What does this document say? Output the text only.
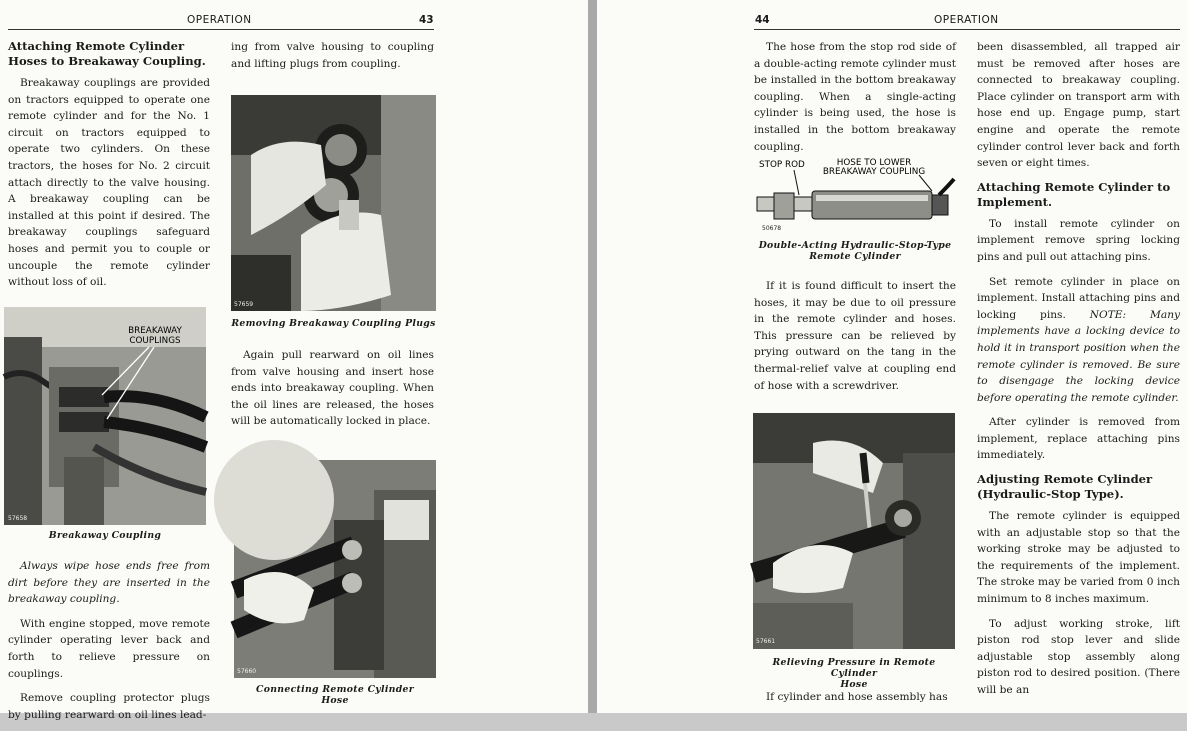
OPERATION	43
Attaching Remote Cylinder Hoses to Breakaway Coupling.

Breakaway couplings are provided on tractors equipped to operate one remote cylinder and for the No. 1 circuit on tractors equipped to operate two cylinders. On these tractors, the hoses for No. 2 circuit attach directly to the valve housing. A breakaway coupling can be installed at this point if desired. The breakaway couplings safeguard hoses and permit you to couple or uncouple the remote cylinder without loss of oil.

BREAKAWAY
COUPLINGS
57658
Breakaway Coupling

Always wipe hose ends free from dirt before they are inserted in the breakaway coupling.

With engine stopped, move remote cylinder operating lever back and forth to relieve pressure on couplings.

Remove coupling protector plugs by pulling rearward on oil lines lead-

ing from valve housing to coupling and lifting plugs from coupling.

57659
Removing Breakaway Coupling Plugs

Again pull rearward on oil lines from valve housing and insert hose ends into breakaway coupling. When the oil lines are released, the hoses will be automatically locked in place.

57660
Connecting Remote Cylinder
Hose
44	OPERATION

The hose from the stop rod side of a double-acting remote cylinder must be installed in the bottom breakaway coupling. When a single-acting cylinder is being used, the hose is installed in the bottom breakaway coupling.

STOP ROD	HOSE TO LOWER
BREAKAWAY COUPLING
50678
Double-Acting Hydraulic-Stop-Type
Remote Cylinder

If it is found difficult to insert the hoses, it may be due to oil pressure in the remote cylinder and hoses. This pressure can be relieved by prying outward on the tang in the thermal-relief valve at coupling end of hose with a screwdriver.

57661
Relieving Pressure in Remote Cylinder
Hose

If cylinder and hose assembly has

been disassembled, all trapped air must be removed after hoses are connected to breakaway coupling. Place cylinder on transport arm with hose end up. Engage pump, start engine and operate the remote cylinder control lever back and forth seven or eight times.

Attaching Remote Cylinder to Implement.

To install remote cylinder on implement remove spring locking pins and pull out attaching pins.

Set remote cylinder in place on implement. Install attaching pins and locking pins. NOTE: Many implements have a locking device to hold it in transport position when the remote cylinder is removed. Be sure to disengage the locking device before operating the remote cylinder.

After cylinder is removed from implement, replace attaching pins immediately.

Adjusting Remote Cylinder (Hydraulic-Stop Type).

The remote cylinder is equipped with an adjustable stop so that the working stroke may be adjusted to the requirements of the implement. The stroke may be varied from 0 inch minimum to 8 inches maximum.

To adjust working stroke, lift piston rod stop lever and slide adjustable stop assembly along piston rod to desired position. (There will be an
